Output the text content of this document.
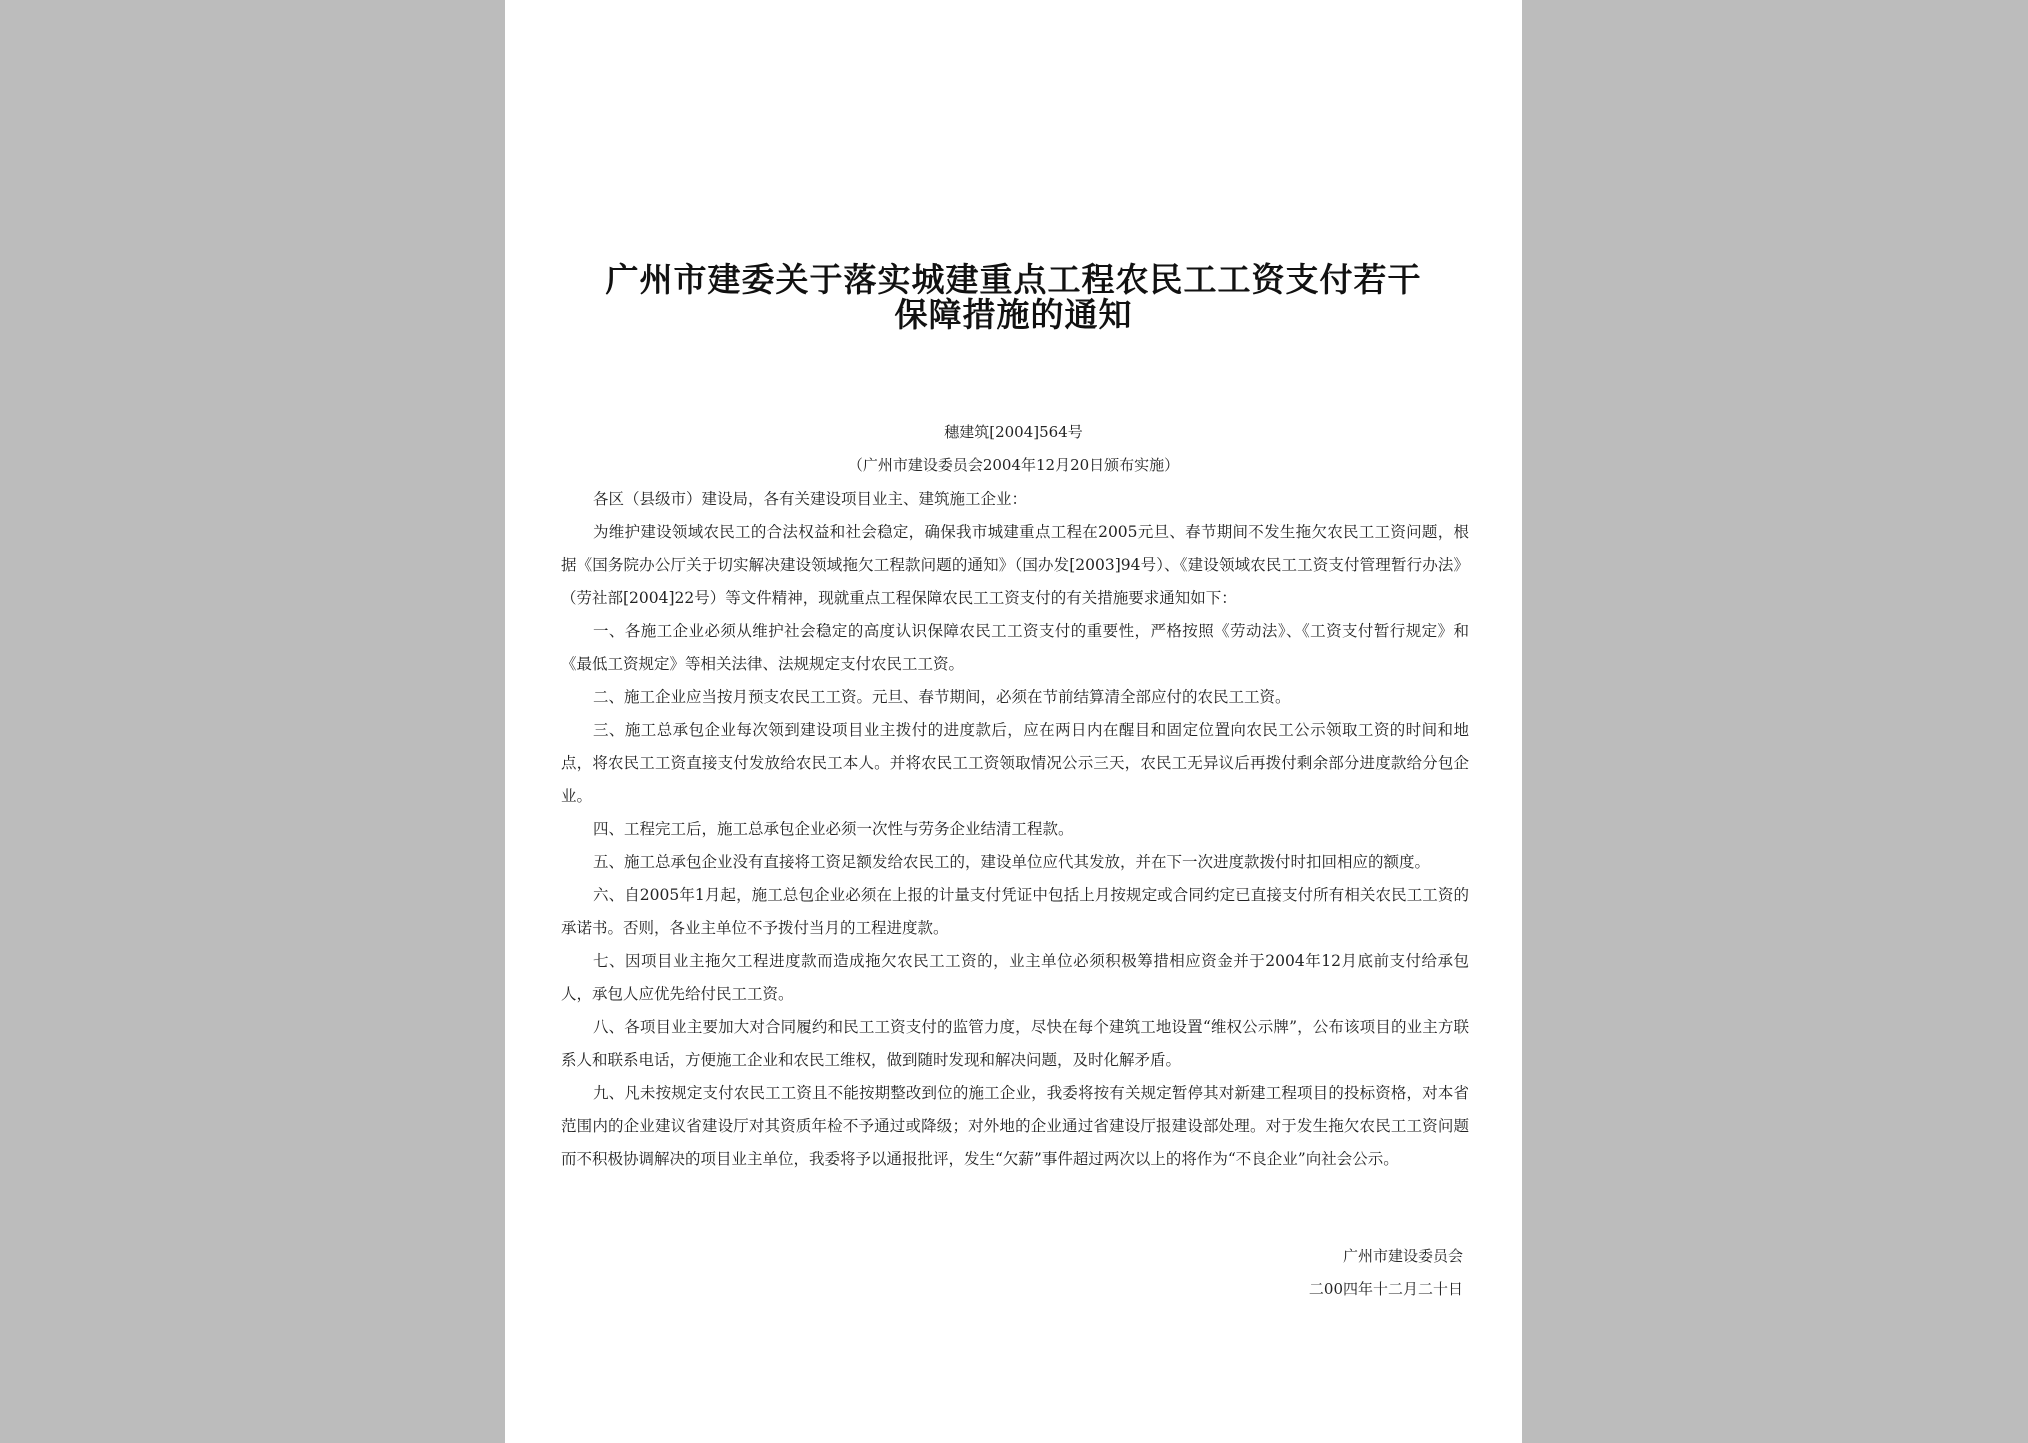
广州市建委关于落实城建重点工程农民工工资支付若干保障措施的通知
穗建筑[2004]564号
（广州市建设委员会2004年12月20日颁布实施）

各区（县级市）建设局，各有关建设项目业主、建筑施工企业：

为维护建设领域农民工的合法权益和社会稳定，确保我市城建重点工程在2005元旦、春节期间不发生拖欠农民工工资问题，根据《国务院办公厅关于切实解决建设领域拖欠工程款问题的通知》（国办发[2003]94号）、《建设领域农民工工资支付管理暂行办法》（劳社部[2004]22号）等文件精神，现就重点工程保障农民工工资支付的有关措施要求通知如下：

一、各施工企业必须从维护社会稳定的高度认识保障农民工工资支付的重要性，严格按照《劳动法》、《工资支付暂行规定》和《最低工资规定》等相关法律、法规规定支付农民工工资。

二、施工企业应当按月预支农民工工资。元旦、春节期间，必须在节前结算清全部应付的农民工工资。

三、施工总承包企业每次领到建设项目业主拨付的进度款后，应在两日内在醒目和固定位置向农民工公示领取工资的时间和地点，将农民工工资直接支付发放给农民工本人。并将农民工工资领取情况公示三天，农民工无异议后再拨付剩余部分进度款给分包企业。

四、工程完工后，施工总承包企业必须一次性与劳务企业结清工程款。

五、施工总承包企业没有直接将工资足额发给农民工的，建设单位应代其发放，并在下一次进度款拨付时扣回相应的额度。

六、自2005年1月起，施工总包企业必须在上报的计量支付凭证中包括上月按规定或合同约定已直接支付所有相关农民工工资的承诺书。否则，各业主单位不予拨付当月的工程进度款。

七、因项目业主拖欠工程进度款而造成拖欠农民工工资的，业主单位必须积极筹措相应资金并于2004年12月底前支付给承包人，承包人应优先给付民工工资。

八、各项目业主要加大对合同履约和民工工资支付的监管力度，尽快在每个建筑工地设置“维权公示牌”，公布该项目的业主方联系人和联系电话，方便施工企业和农民工维权，做到随时发现和解决问题，及时化解矛盾。

九、凡未按规定支付农民工工资且不能按期整改到位的施工企业，我委将按有关规定暂停其对新建工程项目的投标资格，对本省范围内的企业建议省建设厅对其资质年检不予通过或降级；对外地的企业通过省建设厅报建设部处理。对于发生拖欠农民工工资问题而不积极协调解决的项目业主单位，我委将予以通报批评，发生“欠薪”事件超过两次以上的将作为“不良企业”向社会公示。

广州市建设委员会
二00四年十二月二十日
